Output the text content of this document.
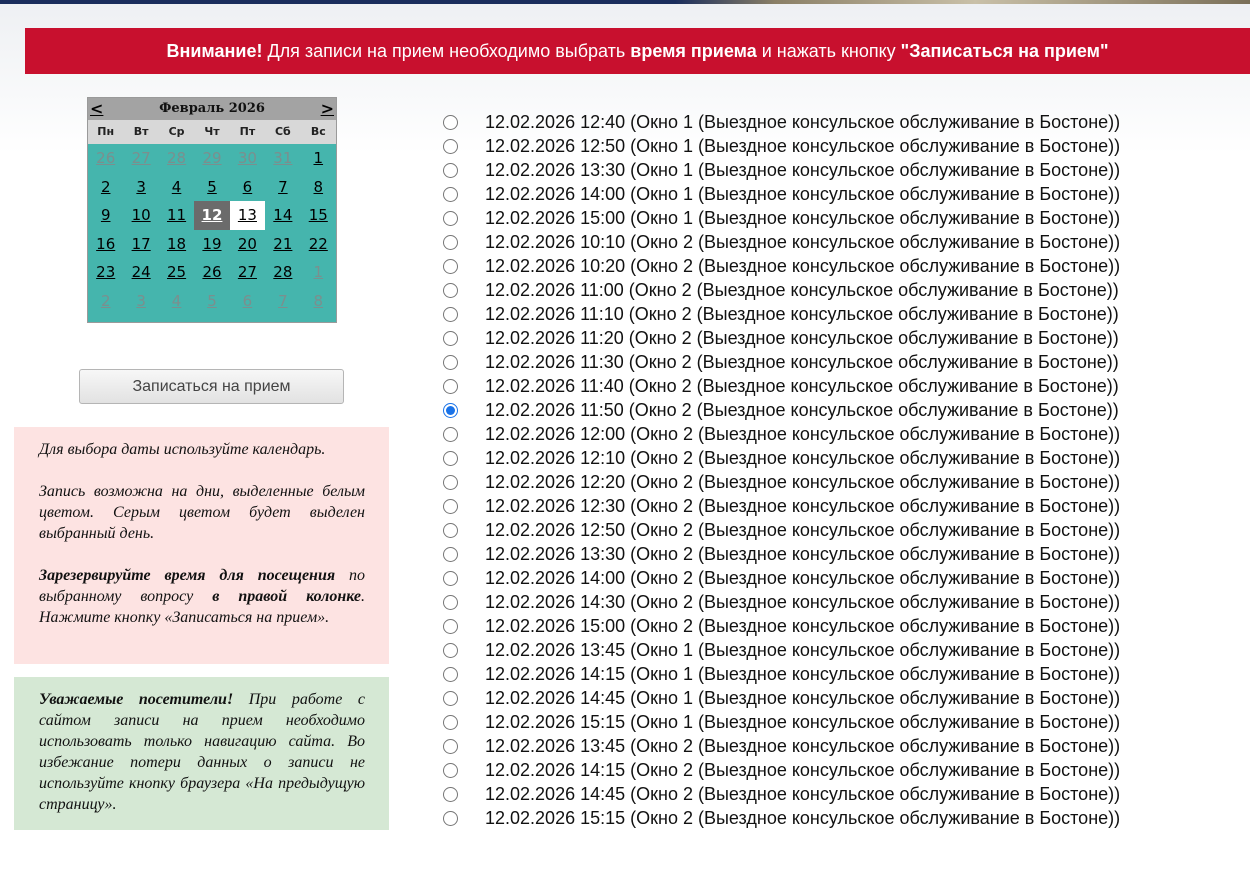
Внимание! Для записи на прием необходимо выбрать время приема и нажать кнопку "Записаться на прием"
<	Февраль 2026	>
Пн	Вт	Ср	Чт	Пт	Сб	Вс
26	27	28	29	30	31	1
2	3	4	5	6	7	8
9	10	11	12	13	14	15
16	17	18	19	20	21	22
23	24	25	26	27	28	1
2	3	4	5	6	7	8
Записаться на прием

Для выбора даты используйте календарь.

Запись возможна на дни, выделенные белым цветом. Серым цветом будет выделен выбранный день.

Зарезервируйте время для посещения по выбранному вопросу в правой колонке. Нажмите кнопку «Записаться на прием».

Уважаемые посетители! При работе с сайтом записи на прием необходимо использовать только навигацию сайта. Во избежание потери данных о записи не используйте кнопку браузера «На предыдущую страницу».

12.02.2026 12:40 (Окно 1 (Выездное консульское обслуживание в Бостоне))
12.02.2026 12:50 (Окно 1 (Выездное консульское обслуживание в Бостоне))
12.02.2026 13:30 (Окно 1 (Выездное консульское обслуживание в Бостоне))
12.02.2026 14:00 (Окно 1 (Выездное консульское обслуживание в Бостоне))
12.02.2026 15:00 (Окно 1 (Выездное консульское обслуживание в Бостоне))
12.02.2026 10:10 (Окно 2 (Выездное консульское обслуживание в Бостоне))
12.02.2026 10:20 (Окно 2 (Выездное консульское обслуживание в Бостоне))
12.02.2026 11:00 (Окно 2 (Выездное консульское обслуживание в Бостоне))
12.02.2026 11:10 (Окно 2 (Выездное консульское обслуживание в Бостоне))
12.02.2026 11:20 (Окно 2 (Выездное консульское обслуживание в Бостоне))
12.02.2026 11:30 (Окно 2 (Выездное консульское обслуживание в Бостоне))
12.02.2026 11:40 (Окно 2 (Выездное консульское обслуживание в Бостоне))
12.02.2026 11:50 (Окно 2 (Выездное консульское обслуживание в Бостоне))
12.02.2026 12:00 (Окно 2 (Выездное консульское обслуживание в Бостоне))
12.02.2026 12:10 (Окно 2 (Выездное консульское обслуживание в Бостоне))
12.02.2026 12:20 (Окно 2 (Выездное консульское обслуживание в Бостоне))
12.02.2026 12:30 (Окно 2 (Выездное консульское обслуживание в Бостоне))
12.02.2026 12:50 (Окно 2 (Выездное консульское обслуживание в Бостоне))
12.02.2026 13:30 (Окно 2 (Выездное консульское обслуживание в Бостоне))
12.02.2026 14:00 (Окно 2 (Выездное консульское обслуживание в Бостоне))
12.02.2026 14:30 (Окно 2 (Выездное консульское обслуживание в Бостоне))
12.02.2026 15:00 (Окно 2 (Выездное консульское обслуживание в Бостоне))
12.02.2026 13:45 (Окно 1 (Выездное консульское обслуживание в Бостоне))
12.02.2026 14:15 (Окно 1 (Выездное консульское обслуживание в Бостоне))
12.02.2026 14:45 (Окно 1 (Выездное консульское обслуживание в Бостоне))
12.02.2026 15:15 (Окно 1 (Выездное консульское обслуживание в Бостоне))
12.02.2026 13:45 (Окно 2 (Выездное консульское обслуживание в Бостоне))
12.02.2026 14:15 (Окно 2 (Выездное консульское обслуживание в Бостоне))
12.02.2026 14:45 (Окно 2 (Выездное консульское обслуживание в Бостоне))
12.02.2026 15:15 (Окно 2 (Выездное консульское обслуживание в Бостоне))
